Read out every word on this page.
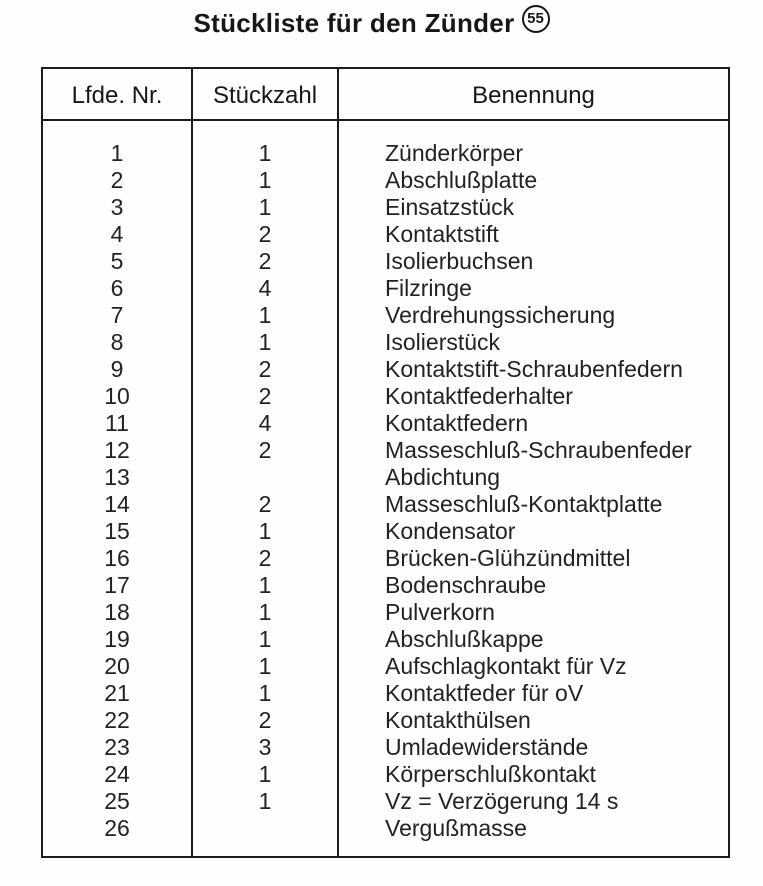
Stückliste für den Zünder 55
Lfde. Nr.	Stückzahl	Benennung
1	1	Zünderkörper
2	1	Abschlußplatte
3	1	Einsatzstück
4	2	Kontaktstift
5	2	Isolierbuchsen
6	4	Filzringe
7	1	Verdrehungssicherung
8	1	Isolierstück
9	2	Kontaktstift-Schraubenfedern
10	2	Kontaktfederhalter
11	4	Kontaktfedern
12	2	Masseschluß-Schraubenfeder
13		Abdichtung
14	2	Masseschluß-Kontaktplatte
15	1	Kondensator
16	2	Brücken-Glühzündmittel
17	1	Bodenschraube
18	1	Pulverkorn
19	1	Abschlußkappe
20	1	Aufschlagkontakt für Vz
21	1	Kontaktfeder für oV
22	2	Kontakthülsen
23	3	Umladewiderstände
24	1	Körperschlußkontakt
25	1	Vz = Verzögerung 14 s
26		Vergußmasse
